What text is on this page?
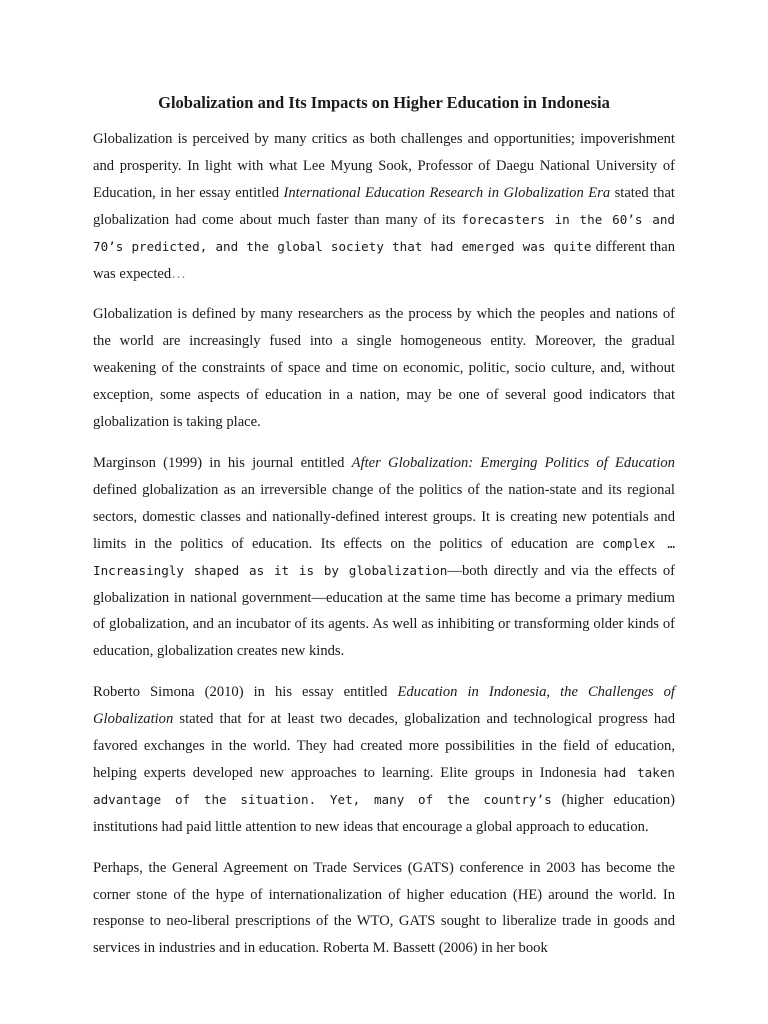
Globalization and Its Impacts on Higher Education in Indonesia

Globalization is perceived by many critics as both challenges and opportunities; impoverishment and prosperity. In light with what Lee Myung Sook, Professor of Daegu National University of Education, in her essay entitled International Education Research in Globalization Era stated that globalization had come about much faster than many of its forecasters in the 60’s and 70’s predicted, and the global society that had emerged was quite different than was expected…

Globalization is defined by many researchers as the process by which the peoples and nations of the world are increasingly fused into a single homogeneous entity. Moreover, the gradual weakening of the constraints of space and time on economic, politic, socio culture, and, without exception, some aspects of education in a nation, may be one of several good indicators that globalization is taking place.

Marginson (1999) in his journal entitled After Globalization: Emerging Politics of Education defined globalization as an irreversible change of the politics of the nation-state and its regional sectors, domestic classes and nationally-defined interest groups. It is creating new potentials and limits in the politics of education. Its effects on the politics of education are complex … Increasingly shaped as it is by globalization—both directly and via the effects of globalization in national government—education at the same time has become a primary medium of globalization, and an incubator of its agents. As well as inhibiting or transforming older kinds of education, globalization creates new kinds.

Roberto Simona (2010) in his essay entitled Education in Indonesia, the Challenges of Globalization stated that for at least two decades, globalization and technological progress had favored exchanges in the world. They had created more possibilities in the field of education, helping experts developed new approaches to learning. Elite groups in Indonesia had taken advantage of the situation. Yet, many of the country’s (higher education) institutions had paid little attention to new ideas that encourage a global approach to education.

Perhaps, the General Agreement on Trade Services (GATS) conference in 2003 has become the corner stone of the hype of internationalization of higher education (HE) around the world. In response to neo-liberal prescriptions of the WTO, GATS sought to liberalize trade in goods and services in industries and in education. Roberta M. Bassett (2006) in her book
